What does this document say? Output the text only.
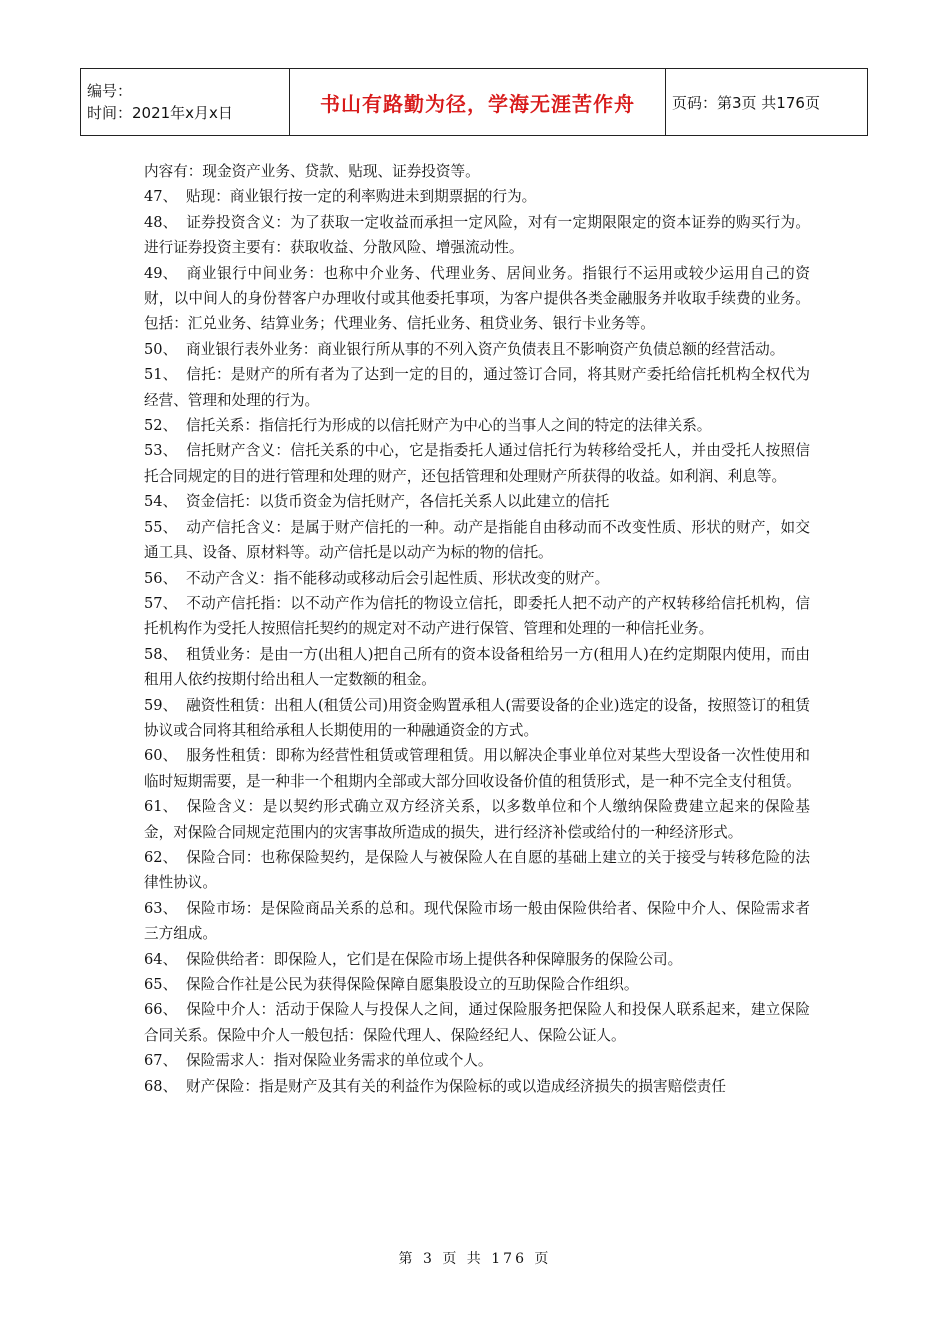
编号：
时间：2021年x月x日	书山有路勤为径，学海无涯苦作舟	页码：第3页 共176页

内容有：现金资产业务、贷款、贴现、证券投资等。

47、 贴现：商业银行按一定的利率购进未到期票据的行为。

48、 证券投资含义：为了获取一定收益而承担一定风险，对有一定期限限定的资本证券的购买行为。进行证券投资主要有：获取收益、分散风险、增强流动性。

49、 商业银行中间业务：也称中介业务、代理业务、居间业务。指银行不运用或较少运用自己的资财，以中间人的身份替客户办理收付或其他委托事项，为客户提供各类金融服务并收取手续费的业务。包括：汇兑业务、结算业务；代理业务、信托业务、租贷业务、银行卡业务等。

50、 商业银行表外业务：商业银行所从事的不列入资产负债表且不影响资产负债总额的经营活动。

51、 信托：是财产的所有者为了达到一定的目的，通过签订合同，将其财产委托给信托机构全权代为经营、管理和处理的行为。

52、 信托关系：指信托行为形成的以信托财产为中心的当事人之间的特定的法律关系。

53、 信托财产含义：信托关系的中心，它是指委托人通过信托行为转移给受托人，并由受托人按照信托合同规定的目的进行管理和处理的财产，还包括管理和处理财产所获得的收益。如利润、利息等。

54、 资金信托：以货币资金为信托财产，各信托关系人以此建立的信托

55、 动产信托含义：是属于财产信托的一种。动产是指能自由移动而不改变性质、形状的财产，如交通工具、设备、原材料等。动产信托是以动产为标的物的信托。

56、 不动产含义：指不能移动或移动后会引起性质、形状改变的财产。

57、 不动产信托指：以不动产作为信托的物设立信托，即委托人把不动产的产权转移给信托机构，信托机构作为受托人按照信托契约的规定对不动产进行保管、管理和处理的一种信托业务。

58、 租赁业务：是由一方(出租人)把自己所有的资本设备租给另一方(租用人)在约定期限内使用，而由租用人依约按期付给出租人一定数额的租金。

59、 融资性租赁：出租人(租赁公司)用资金购置承租人(需要设备的企业)选定的设备，按照签订的租赁协议或合同将其租给承租人长期使用的一种融通资金的方式。

60、 服务性租赁：即称为经营性租赁或管理租赁。用以解决企事业单位对某些大型设备一次性使用和临时短期需要，是一种非一个租期内全部或大部分回收设备价值的租赁形式，是一种不完全支付租赁。

61、 保险含义：是以契约形式确立双方经济关系，以多数单位和个人缴纳保险费建立起来的保险基金，对保险合同规定范围内的灾害事故所造成的损失，进行经济补偿或给付的一种经济形式。

62、 保险合同：也称保险契约，是保险人与被保险人在自愿的基础上建立的关于接受与转移危险的法律性协议。

63、 保险市场：是保险商品关系的总和。现代保险市场一般由保险供给者、保险中介人、保险需求者三方组成。

64、 保险供给者：即保险人，它们是在保险市场上提供各种保障服务的保险公司。

65、 保险合作社是公民为获得保险保障自愿集股设立的互助保险合作组织。

66、 保险中介人：活动于保险人与投保人之间，通过保险服务把保险人和投保人联系起来，建立保险合同关系。保险中介人一般包括：保险代理人、保险经纪人、保险公证人。

67、 保险需求人：指对保险业务需求的单位或个人。

68、 财产保险：指是财产及其有关的利益作为保险标的或以造成经济损失的损害赔偿责任

第 3 页 共 176 页
